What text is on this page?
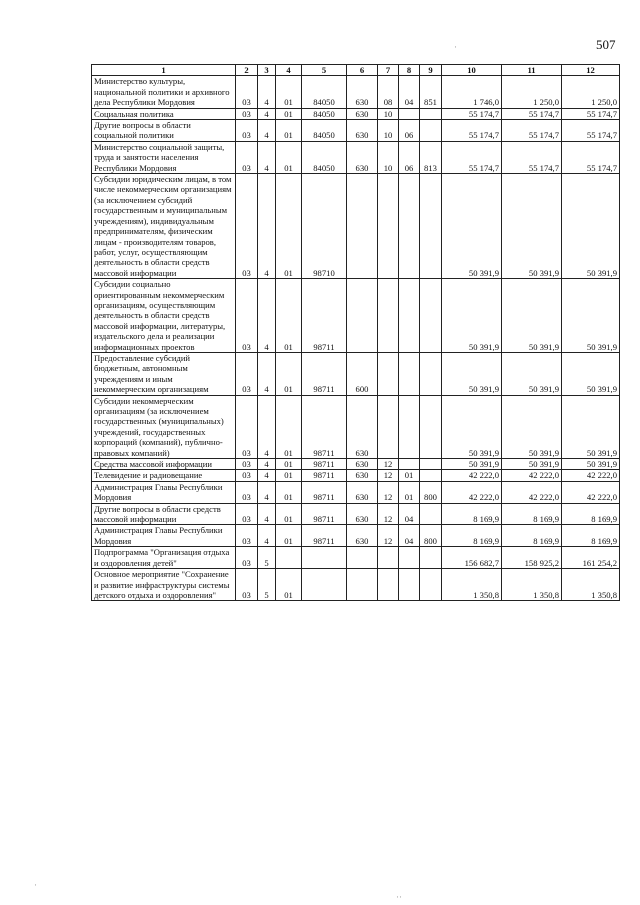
507
·
·
··
1	2	3	4	5	6	7	8	9	10	11	12
Министерство культуры, национальной политики и архивного дела Республики Мордовия	03	4	01	84050	630	08	04	851	1 746,0	1 250,0	1 250,0
Социальная политика	03	4	01	84050	630	10			55 174,7	55 174,7	55 174,7
Другие вопросы в области социальной политики	03	4	01	84050	630	10	06		55 174,7	55 174,7	55 174,7
Министерство социальной защиты, труда и занятости населения Республики Мордовия	03	4	01	84050	630	10	06	813	55 174,7	55 174,7	55 174,7
Субсидии юридическим лицам, в том числе некоммерческим организациям (за исключением субсидий государственным и муниципальным учреждениям), индивидуальным предпринимателям, физическим лицам - производителям товаров, работ, услуг, осуществляющим деятельность в области средств массовой информации	03	4	01	98710					50 391,9	50 391,9	50 391,9
Субсидии социально ориентированным некоммерческим организациям, осуществляющим деятельность в области средств массовой информации, литературы, издательского дела и реализации информационных проектов	03	4	01	98711					50 391,9	50 391,9	50 391,9
Предоставление субсидий бюджетным, автономным учреждениям и иным некоммерческим организациям	03	4	01	98711	600				50 391,9	50 391,9	50 391,9
Субсидии некоммерческим организациям (за исключением государственных (муниципальных) учреждений, государственных корпораций (компаний), публично-правовых компаний)	03	4	01	98711	630				50 391,9	50 391,9	50 391,9
Средства массовой информации	03	4	01	98711	630	12			50 391,9	50 391,9	50 391,9
Телевидение и радиовещание	03	4	01	98711	630	12	01		42 222,0	42 222,0	42 222,0
Администрация Главы Республики Мордовия	03	4	01	98711	630	12	01	800	42 222,0	42 222,0	42 222,0
Другие вопросы в области средств массовой информации	03	4	01	98711	630	12	04		8 169,9	8 169,9	8 169,9
Администрация Главы Республики Мордовия	03	4	01	98711	630	12	04	800	8 169,9	8 169,9	8 169,9
Подпрограмма "Организация отдыха и оздоровления детей"	03	5							156 682,7	158 925,2	161 254,2
Основное мероприятие "Сохранение и развитие инфраструктуры системы детского отдыха и оздоровления"	03	5	01						1 350,8	1 350,8	1 350,8
